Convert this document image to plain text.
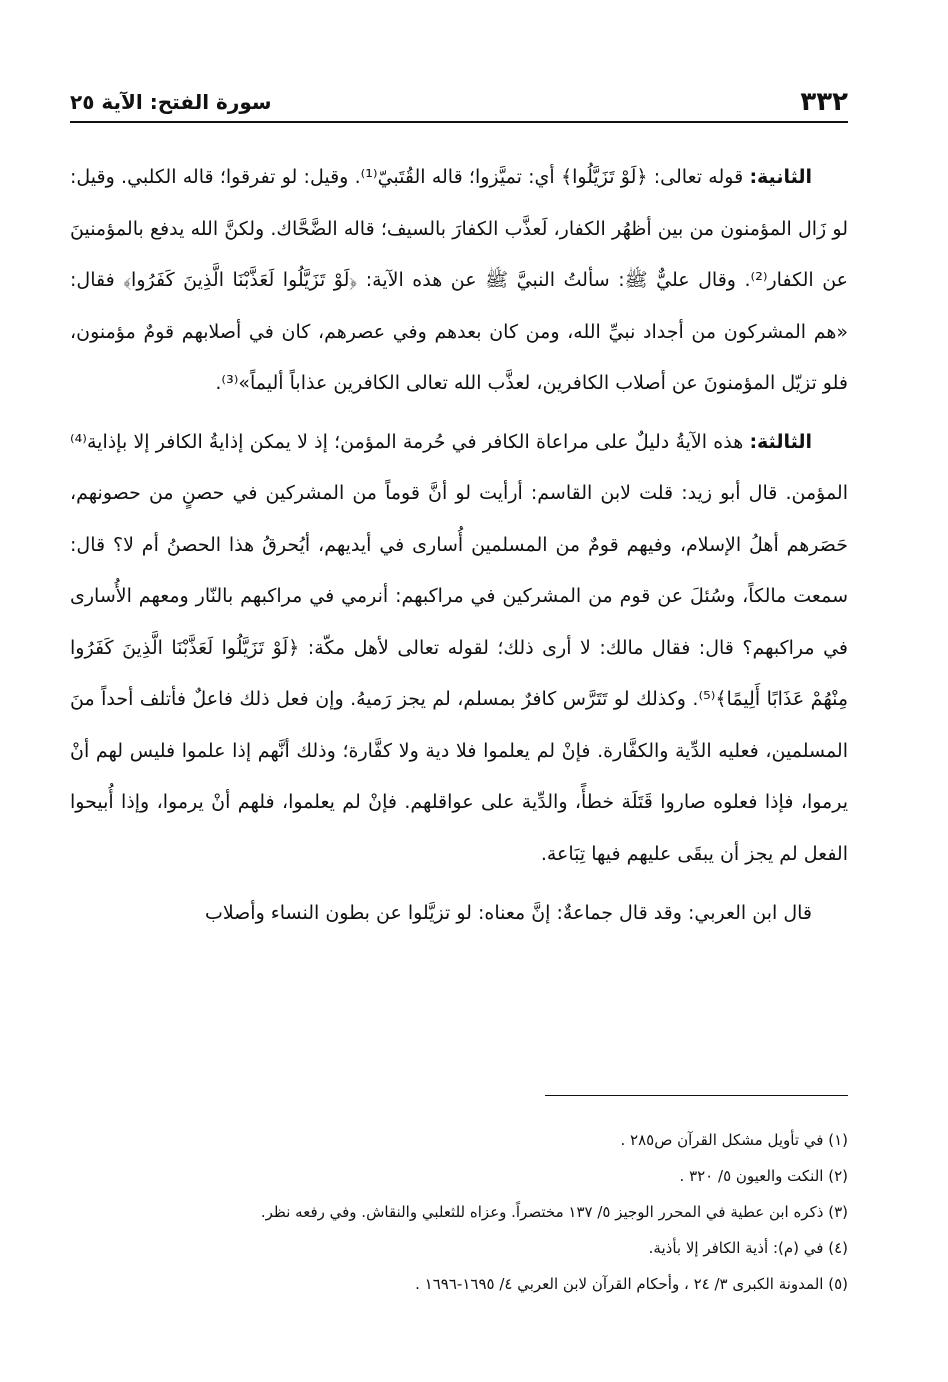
٣٣٢
سورة الفتح: الآية ٢٥

الثانية: قوله تعالى: ﴿لَوْ تَزَيَّلُوا﴾ أي: تميَّزوا؛ قاله القُتَبيّ⁽¹⁾. وقيل: لو تفرقوا؛ قاله الكلبي. وقيل: لو زَال المؤمنون من بين أظهُر الكفار، لَعذَّب الكفارَ بالسيف؛ قاله الضَّحَّاك. ولكنَّ الله يدفع بالمؤمنينَ عن الكفار⁽²⁾. وقال عليٌّ ﷺ: سألتُ النبيَّ ﷺ عن هذه الآية: ﴿لَوْ تَزَيَّلُوا لَعَذَّبْنَا الَّذِينَ كَفَرُوا﴾ فقال: «هم المشركون من أجداد نبيِّ الله، ومن كان بعدهم وفي عصرهم، كان في أصلابهم قومٌ مؤمنون، فلو تزيّل المؤمنونَ عن أصلاب الكافرين، لعذَّب الله تعالى الكافرين عذاباً أليماً»⁽³⁾.

الثالثة: هذه الآيةُ دليلٌ على مراعاة الكافر في حُرمة المؤمن؛ إذ لا يمكن إذايةُ الكافر إلا بإذاية⁽⁴⁾ المؤمن. قال أبو زيد: قلت لابن القاسم: أرأيت لو أنَّ قوماً من المشركين في حصنٍ من حصونهم، حَصَرهم أهلُ الإسلام، وفيهم قومٌ من المسلمين أُسارى في أيديهم، أيُحرقُ هذا الحصنُ أم لا؟ قال: سمعت مالكاً، وسُئلَ عن قوم من المشركين في مراكبهم: أنرمي في مراكبهم بالنّار ومعهم الأُسارى في مراكبهم؟ قال: فقال مالك: لا أرى ذلك؛ لقوله تعالى لأهل مكّة: ﴿لَوْ تَزَيَّلُوا لَعَذَّبْنَا الَّذِينَ كَفَرُوا مِنْهُمْ عَذَابًا أَلِيمًا﴾⁽⁵⁾. وكذلك لو تَتَرَّس كافرٌ بمسلم، لم يجز رَميهُ. وإن فعل ذلك فاعلٌ فأتلف أحداً منَ المسلمين، فعليه الدِّية والكفَّارة. فإنْ لم يعلموا فلا دية ولا كفَّارة؛ وذلك أنَّهم إذا علموا فليس لهم أنْ يرموا، فإذا فعلوه صاروا قَتَلَة خطأً، والدِّية على عواقلهم. فإنْ لم يعلموا، فلهم أنْ يرموا، وإذا أُبيحوا الفعل لم يجز أن يبقَى عليهم فيها تِبَاعة.

قال ابن العربي: وقد قال جماعةٌ: إنَّ معناه: لو تزيَّلوا عن بطون النساء وأصلاب

(١) في تأويل مشكل القرآن ص٢٨٥ .
(٢) النكت والعيون ٥/ ٣٢٠ .
(٣) ذكره ابن عطية في المحرر الوجيز ٥/ ١٣٧ مختصراً. وعزاه للثعلبي والنقاش. وفي رفعه نظر.
(٤) في (م): أذية الكافر إلا بأذية.
(٥) المدونة الكبرى ٣/ ٢٤ ، وأحكام القرآن لابن العربي ٤/ ١٦٩٥-١٦٩٦ .
